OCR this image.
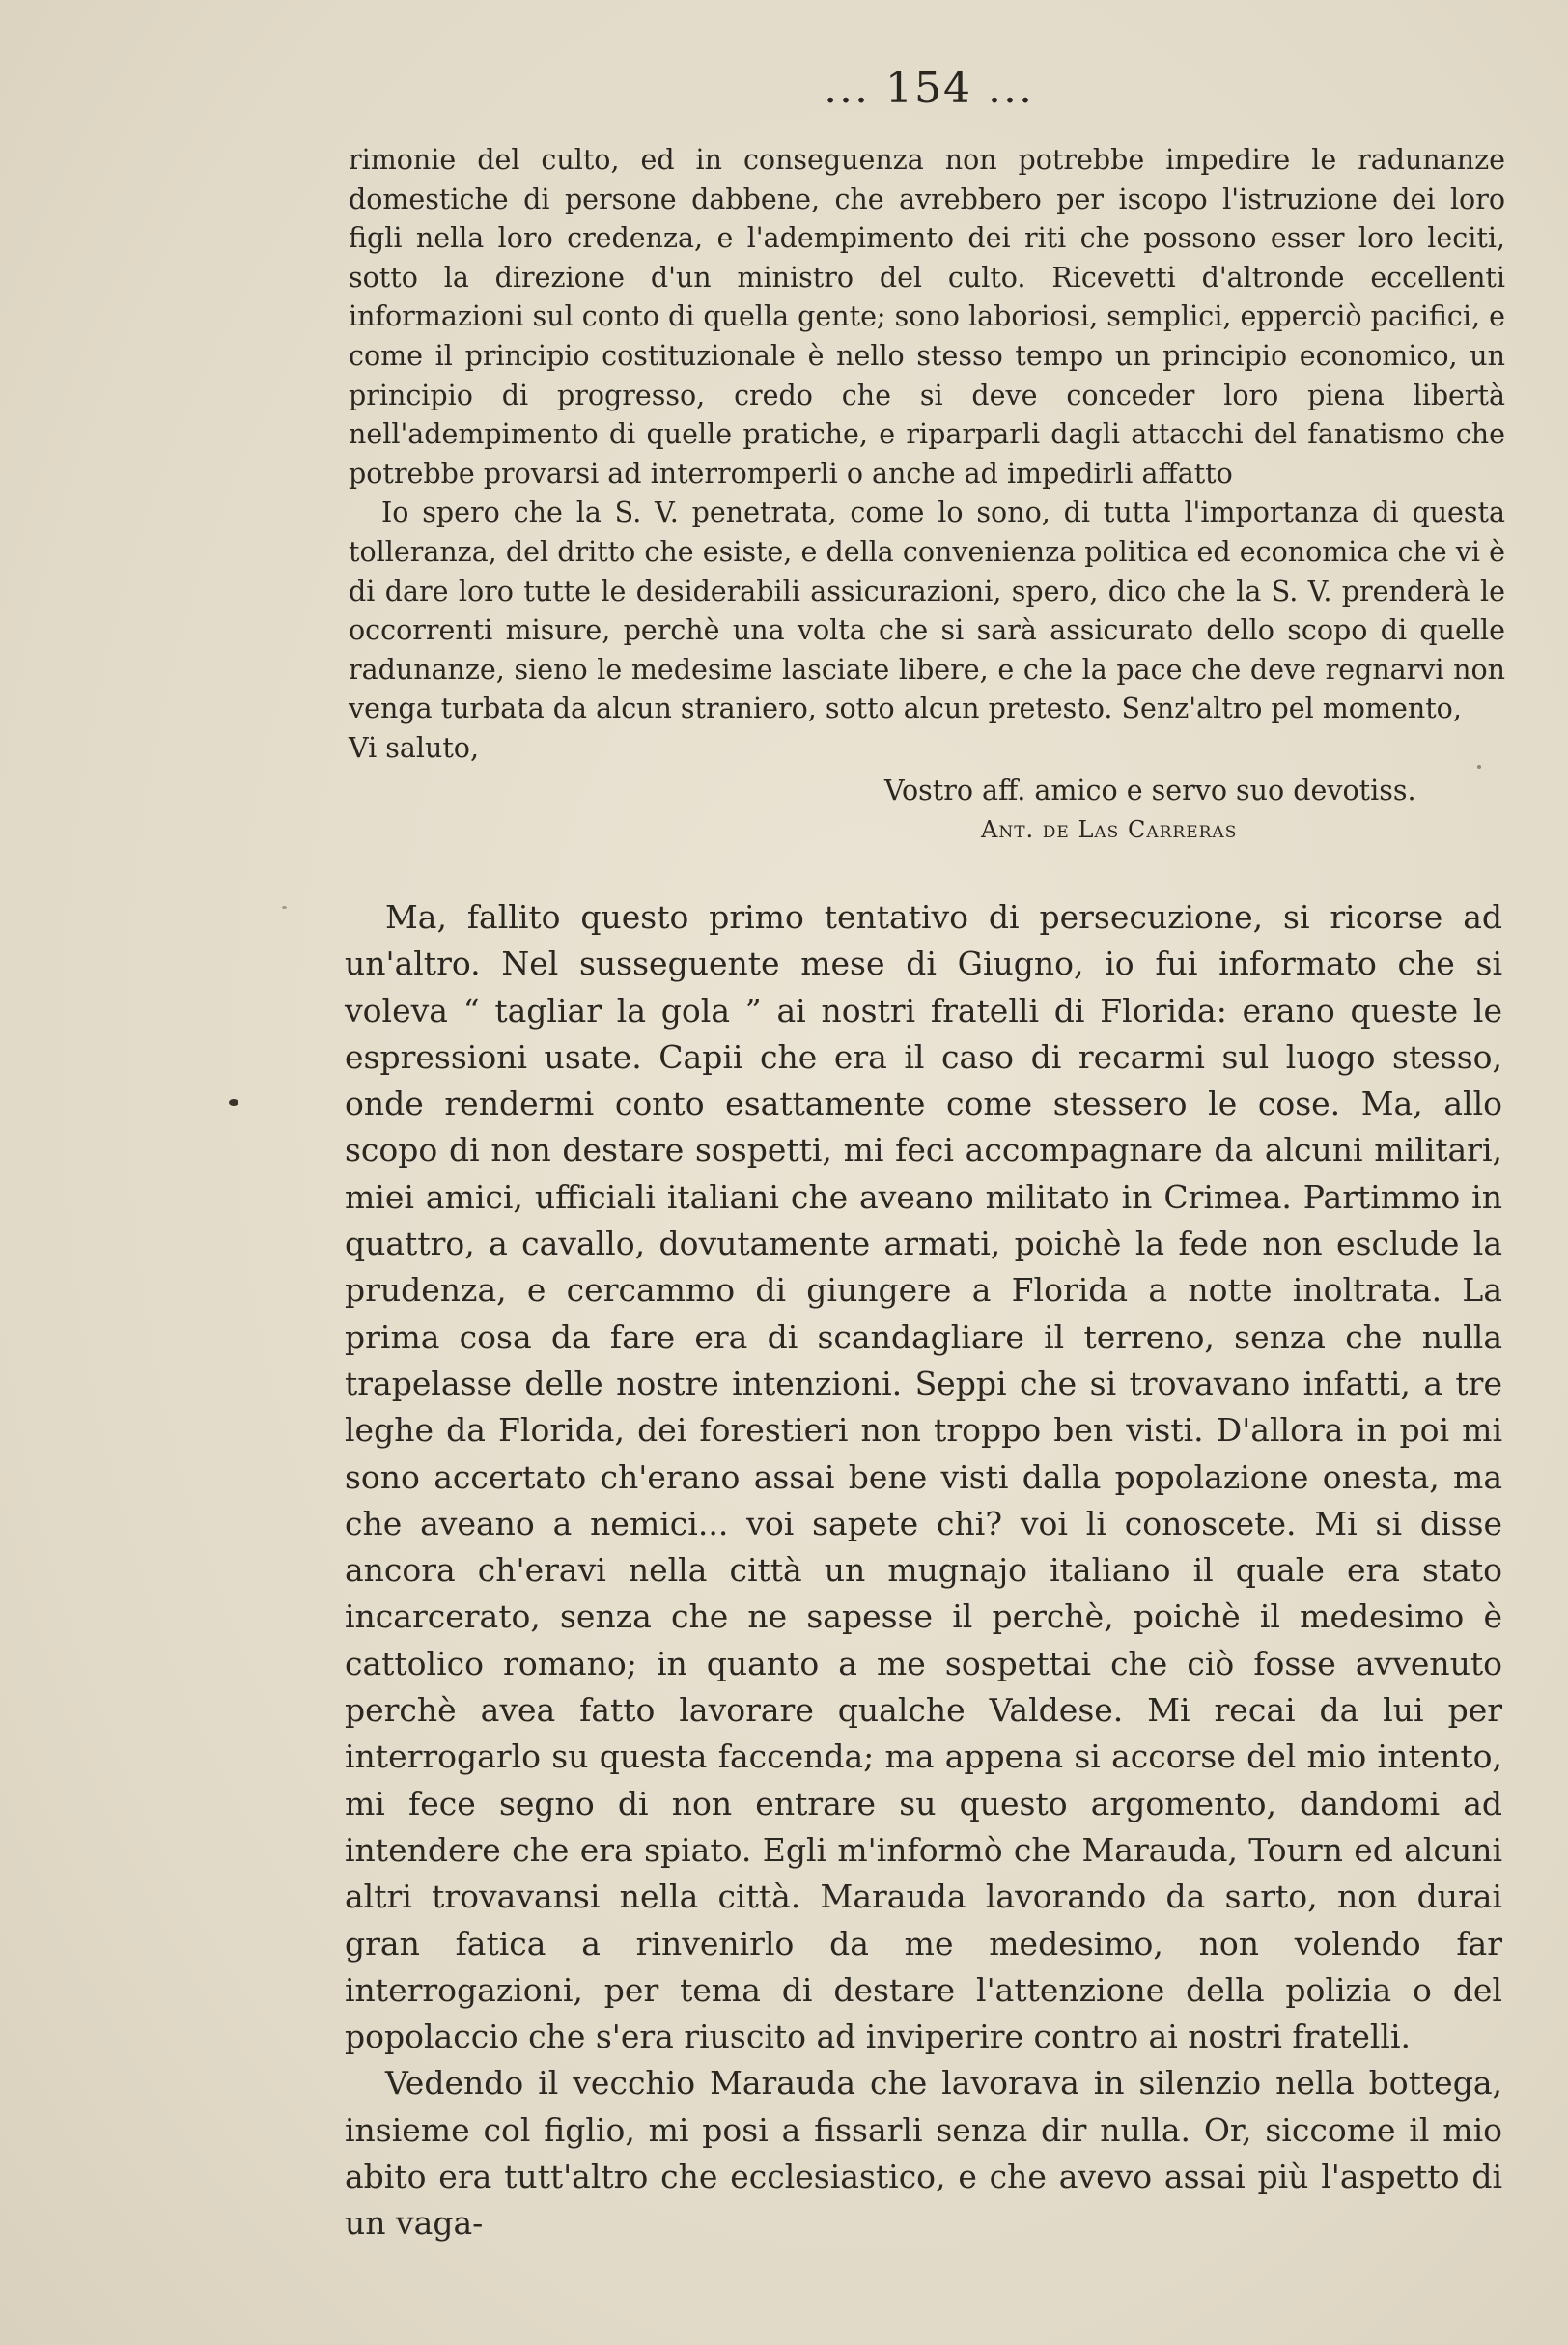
... 154 ...

rimonie del culto, ed in conseguenza non potrebbe impedire le radunanze domestiche di persone dabbene, che avrebbero per iscopo l'istruzione dei loro figli nella loro credenza, e l'adempimento dei riti che possono esser loro leciti, sotto la direzione d'un ministro del culto. Ricevetti d'altronde eccellenti informazioni sul conto di quella gente; sono laboriosi, semplici, epperciò pacifici, e come il principio costituzionale è nello stesso tempo un principio economico, un principio di progresso, credo che si deve conceder loro piena libertà nell'adempimento di quelle pratiche, e riparparli dagli attacchi del fanatismo che potrebbe provarsi ad interromperli o anche ad impedirli affatto

Io spero che la S. V. penetrata, come lo sono, di tutta l'importanza di questa tolleranza, del dritto che esiste, e della convenienza politica ed economica che vi è di dare loro tutte le desiderabili assicurazioni, spero, dico che la S. V. prenderà le occorrenti misure, perchè una volta che si sarà assicurato dello scopo di quelle radunanze, sieno le medesime lasciate libere, e che la pace che deve regnarvi non venga turbata da alcun straniero, sotto alcun pretesto. Senz'altro pel momento,

Vi saluto,

Vostro aff. amico e servo suo devotiss.
Ant. de Las Carreras

Ma, fallito questo primo tentativo di persecuzione, si ricorse ad un'altro. Nel susseguente mese di Giugno, io fui informato che si voleva “ tagliar la gola ” ai nostri fratelli di Florida: erano queste le espressioni usate. Capii che era il caso di recarmi sul luogo stesso, onde rendermi conto esattamente come stessero le cose. Ma, allo scopo di non destare sospetti, mi feci accompagnare da alcuni militari, miei amici, ufficiali italiani che aveano militato in Crimea. Partimmo in quattro, a cavallo, dovutamente armati, poichè la fede non esclude la prudenza, e cercammo di giungere a Florida a notte inoltrata. La prima cosa da fare era di scandagliare il terreno, senza che nulla trapelasse delle nostre intenzioni. Seppi che si trovavano infatti, a tre leghe da Florida, dei forestieri non troppo ben visti. D'allora in poi mi sono accertato ch'erano assai bene visti dalla popolazione onesta, ma che aveano a nemici... voi sapete chi? voi li conoscete. Mi si disse ancora ch'eravi nella città un mugnajo italiano il quale era stato incarcerato, senza che ne sapesse il perchè, poichè il medesimo è cattolico romano; in quanto a me sospettai che ciò fosse avvenuto perchè avea fatto lavorare qualche Valdese. Mi recai da lui per interrogarlo su questa faccenda; ma appena si accorse del mio intento, mi fece segno di non entrare su questo argomento, dandomi ad intendere che era spiato. Egli m'informò che Marauda, Tourn ed alcuni altri trovavansi nella città. Marauda lavorando da sarto, non durai gran fatica a rinvenirlo da me medesimo, non volendo far interrogazioni, per tema di destare l'attenzione della polizia o del popolaccio che s'era riuscito ad inviperire contro ai nostri fratelli.

Vedendo il vecchio Marauda che lavorava in silenzio nella bottega, insieme col figlio, mi posi a fissarli senza dir nulla. Or, siccome il mio abito era tutt'altro che ecclesiastico, e che avevo assai più l'aspetto di un vaga-
